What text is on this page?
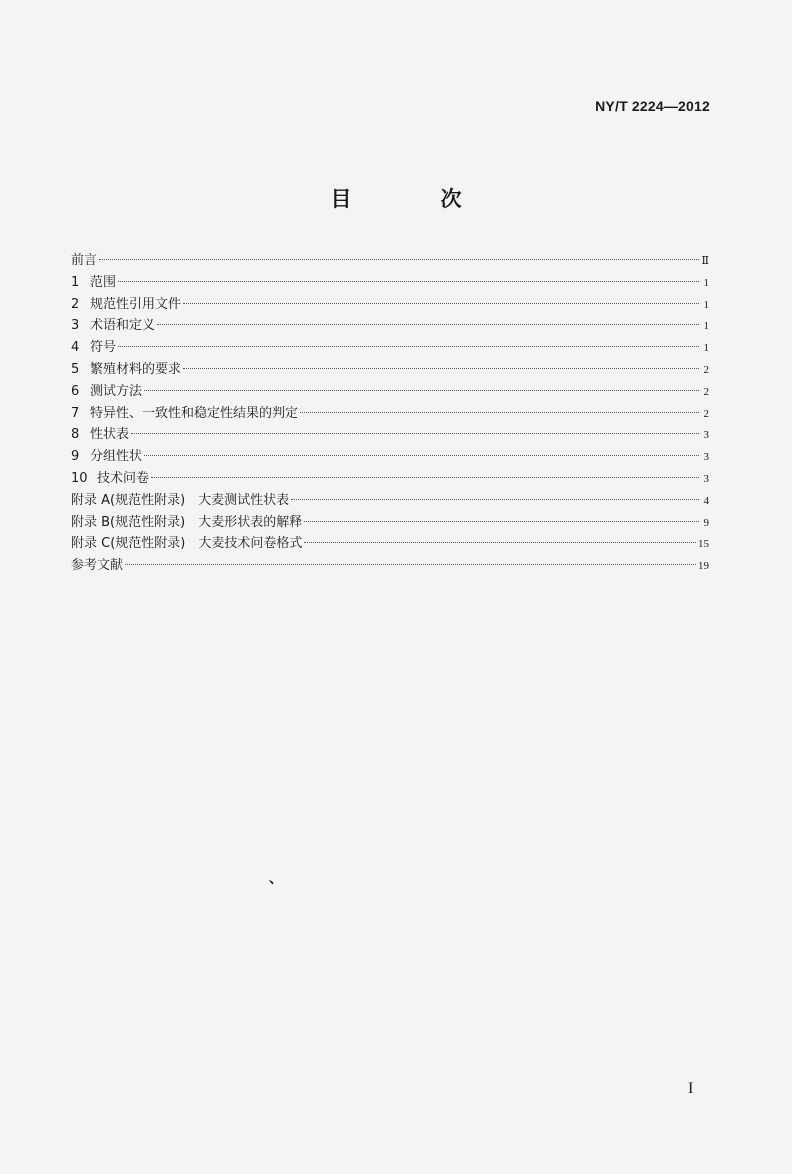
NY/T 2224—2012
目　次
前言	Ⅱ
1 范围	1
2 规范性引用文件	1
3 术语和定义	1
4 符号	1
5 繁殖材料的要求	2
6 测试方法	2
7 特异性、一致性和稳定性结果的判定	2
8 性状表	3
9 分组性状	3
10 技术问卷	3
附录 A(规范性附录)　大麦测试性状表	4
附录 B(规范性附录)　大麦形状表的解释	9
附录 C(规范性附录)　大麦技术问卷格式	15
参考文献	19
、
I
